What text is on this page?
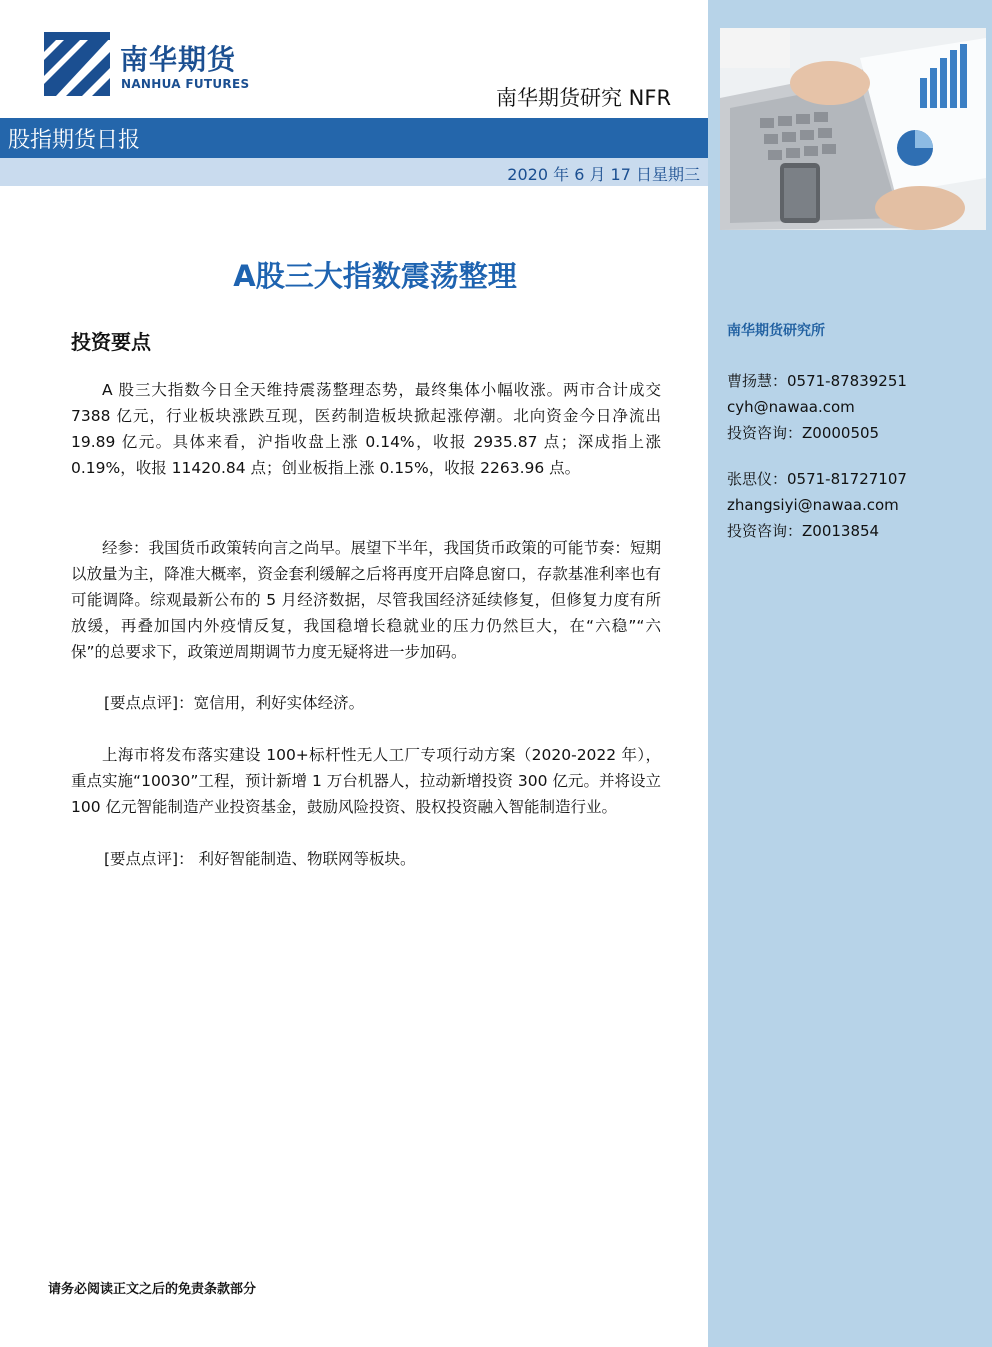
南华期货研究所
曹扬慧：0571-87839251
cyh@nawaa.com
投资咨询：Z0000505
张思仪：0571-81727107
zhangsiyi@nawaa.com
投资咨询：Z0013854
南华期货
NANHUA FUTURES
南华期货研究 NFR
股指期货日报
2020 年 6 月 17 日星期三
A股三大指数震荡整理
投资要点
A 股三大指数今日全天维持震荡整理态势，最终集体小幅收涨。两市合计成交 7388 亿元，行业板块涨跌互现，医药制造板块掀起涨停潮。北向资金今日净流出 19.89 亿元。具体来看，沪指收盘上涨 0.14%，收报 2935.87 点；深成指上涨 0.19%，收报 11420.84 点；创业板指上涨 0.15%，收报 2263.96 点。
经参：我国货币政策转向言之尚早。展望下半年，我国货币政策的可能节奏：短期以放量为主，降准大概率，资金套利缓解之后将再度开启降息窗口，存款基准利率也有可能调降。综观最新公布的 5 月经济数据，尽管我国经济延续修复，但修复力度有所放缓，再叠加国内外疫情反复，我国稳增长稳就业的压力仍然巨大，在“六稳”“六保”的总要求下，政策逆周期调节力度无疑将进一步加码。
[要点点评]：宽信用，利好实体经济。
上海市将发布落实建设 100+标杆性无人工厂专项行动方案（2020-2022 年），重点实施“10030”工程，预计新增 1 万台机器人，拉动新增投资 300 亿元。并将设立 100 亿元智能制造产业投资基金，鼓励风险投资、股权投资融入智能制造行业。
[要点点评]： 利好智能制造、物联网等板块。
请务必阅读正文之后的免责条款部分
